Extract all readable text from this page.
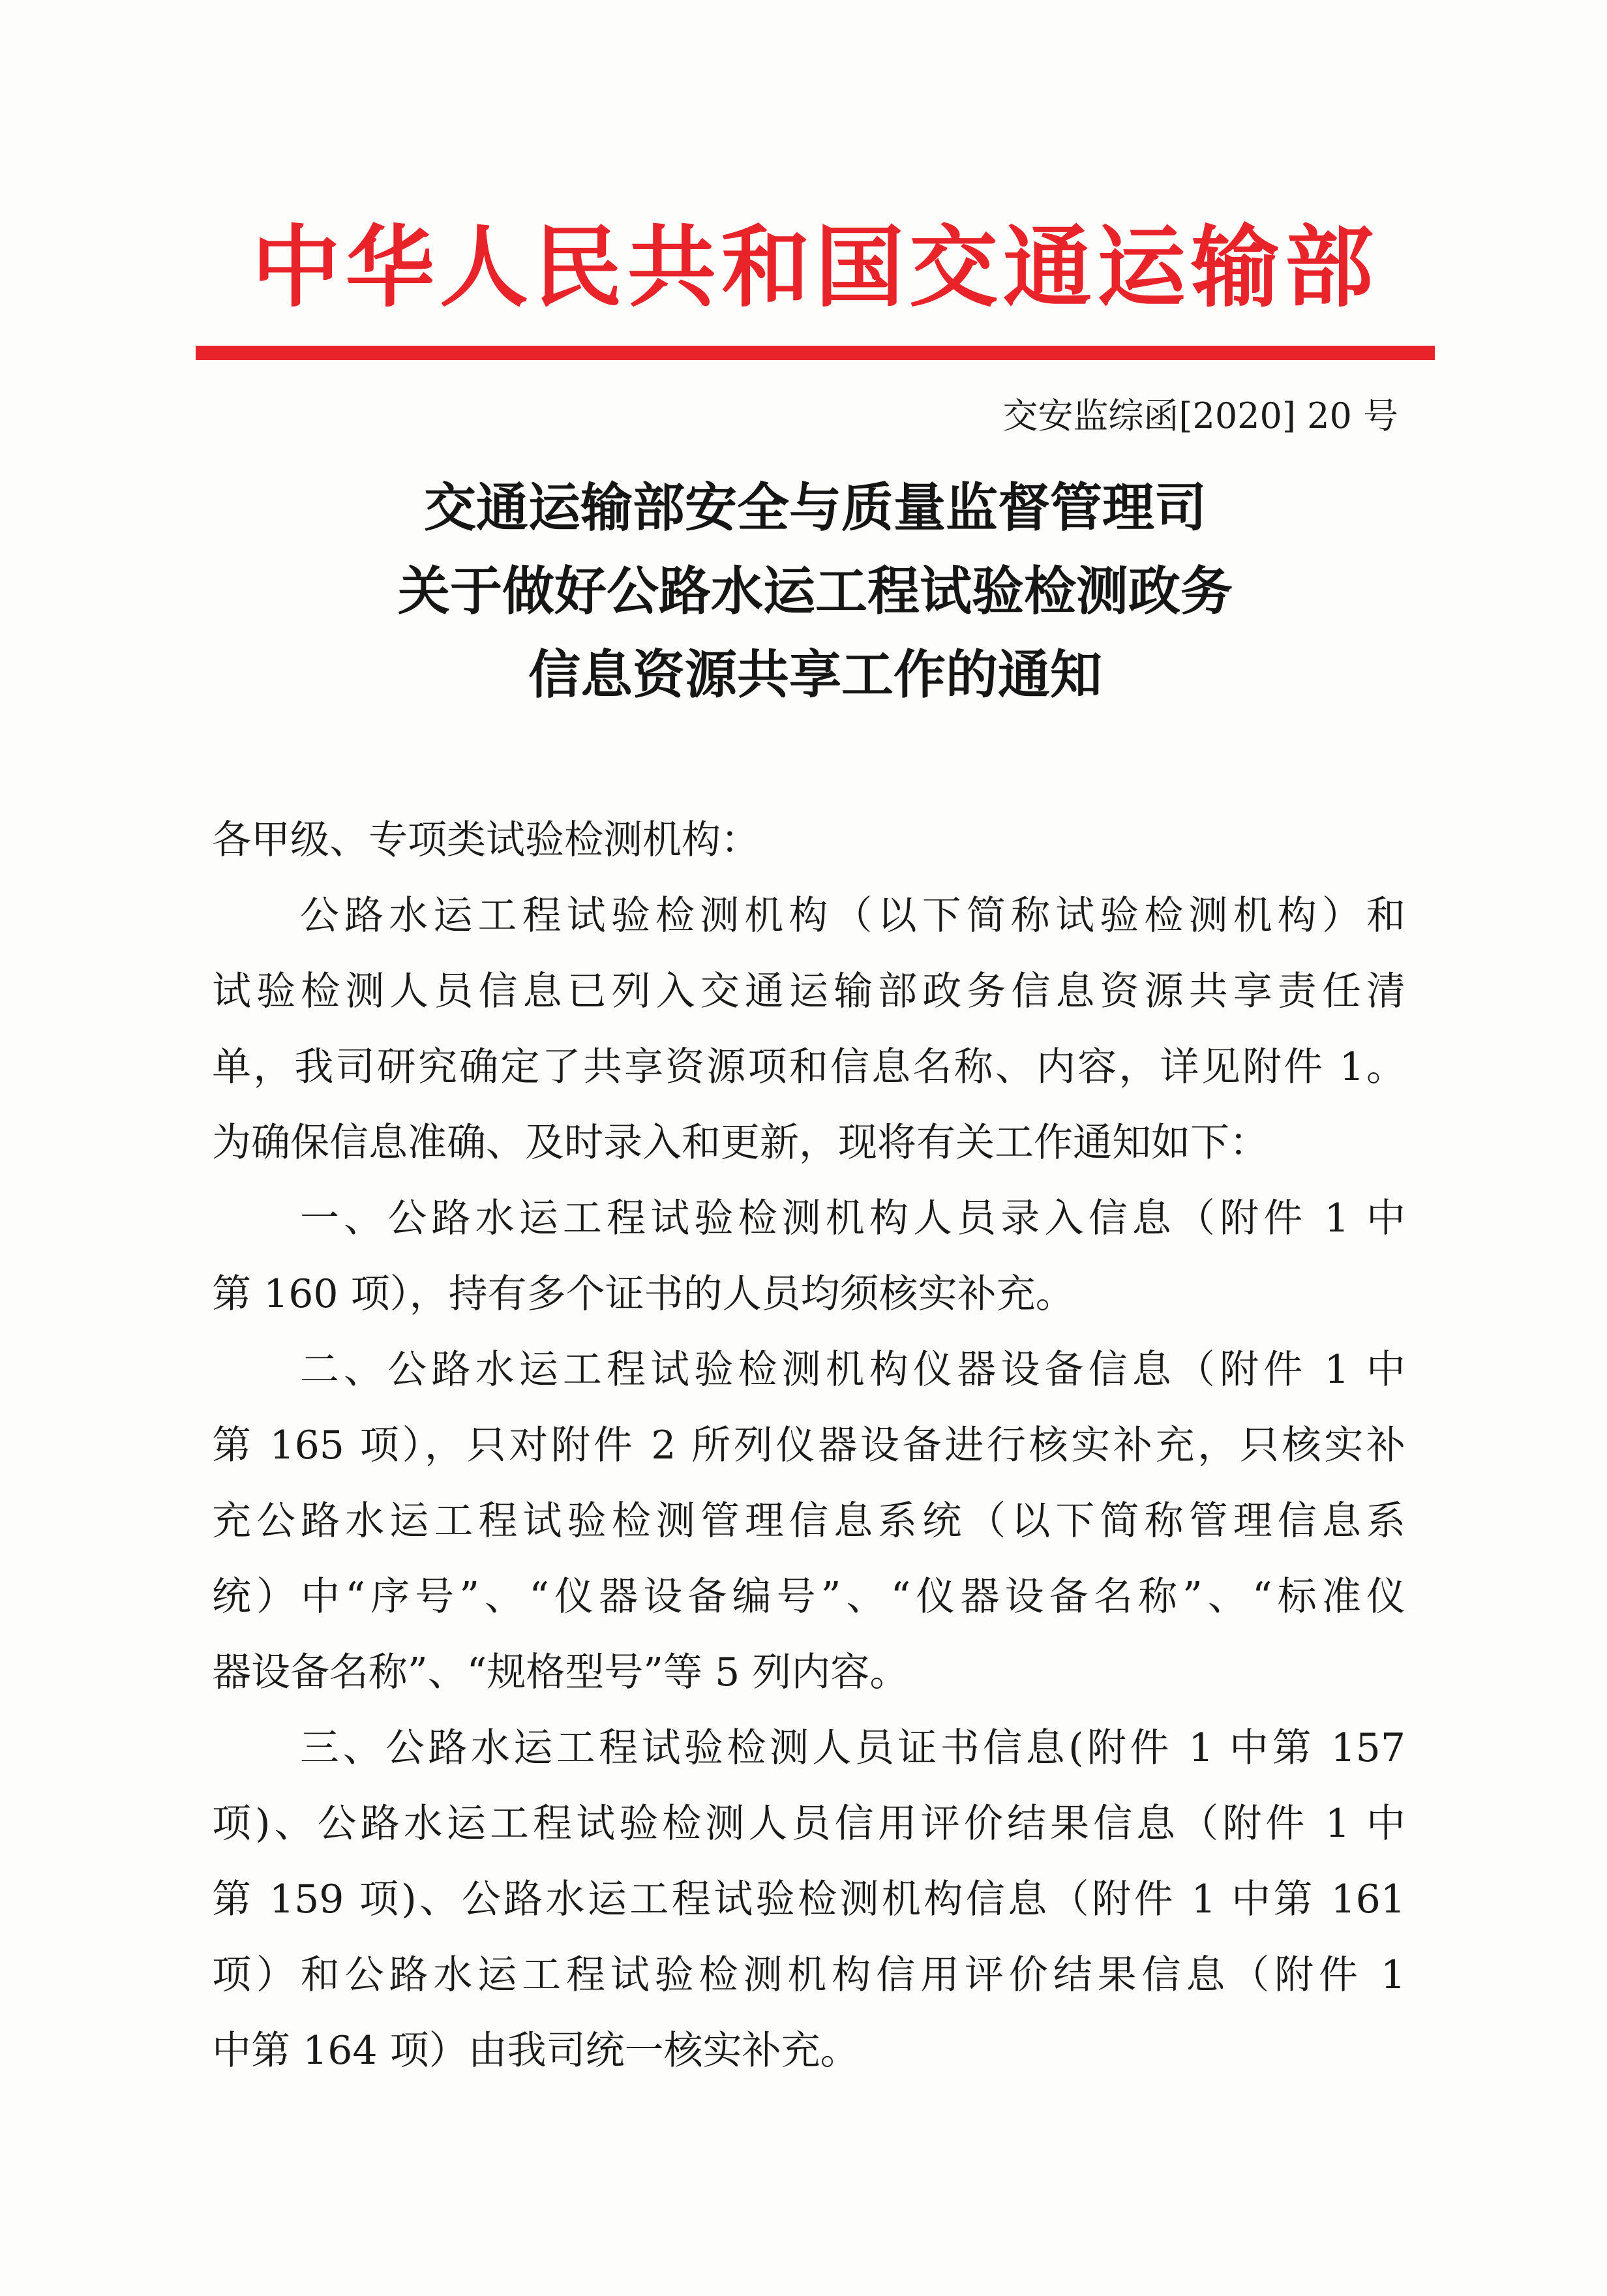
中华人民共和国交通运输部
交安监综函[2020] 20 号
交通运输部安全与质量监督管理司
关于做好公路水运工程试验检测政务
信息资源共享工作的通知
各甲级、专项类试验检测机构：
公路水运工程试验检测机构（以下简称试验检测机构）和
试验检测人员信息已列入交通运输部政务信息资源共享责任清
单，我司研究确定了共享资源项和信息名称、内容，详见附件 1。
为确保信息准确、及时录入和更新，现将有关工作通知如下：
一、公路水运工程试验检测机构人员录入信息（附件 1 中
第 160 项），持有多个证书的人员均须核实补充。
二、公路水运工程试验检测机构仪器设备信息（附件 1 中
第 165 项），只对附件 2 所列仪器设备进行核实补充，只核实补
充公路水运工程试验检测管理信息系统（以下简称管理信息系
统）中“序号”、“仪器设备编号”、“仪器设备名称”、“标准仪
器设备名称”、“规格型号”等 5 列内容。
三、公路水运工程试验检测人员证书信息(附件 1 中第 157
项)、公路水运工程试验检测人员信用评价结果信息（附件 1 中
第 159 项)、公路水运工程试验检测机构信息（附件 1 中第 161
项）和公路水运工程试验检测机构信用评价结果信息（附件 1
中第 164 项）由我司统一核实补充。
